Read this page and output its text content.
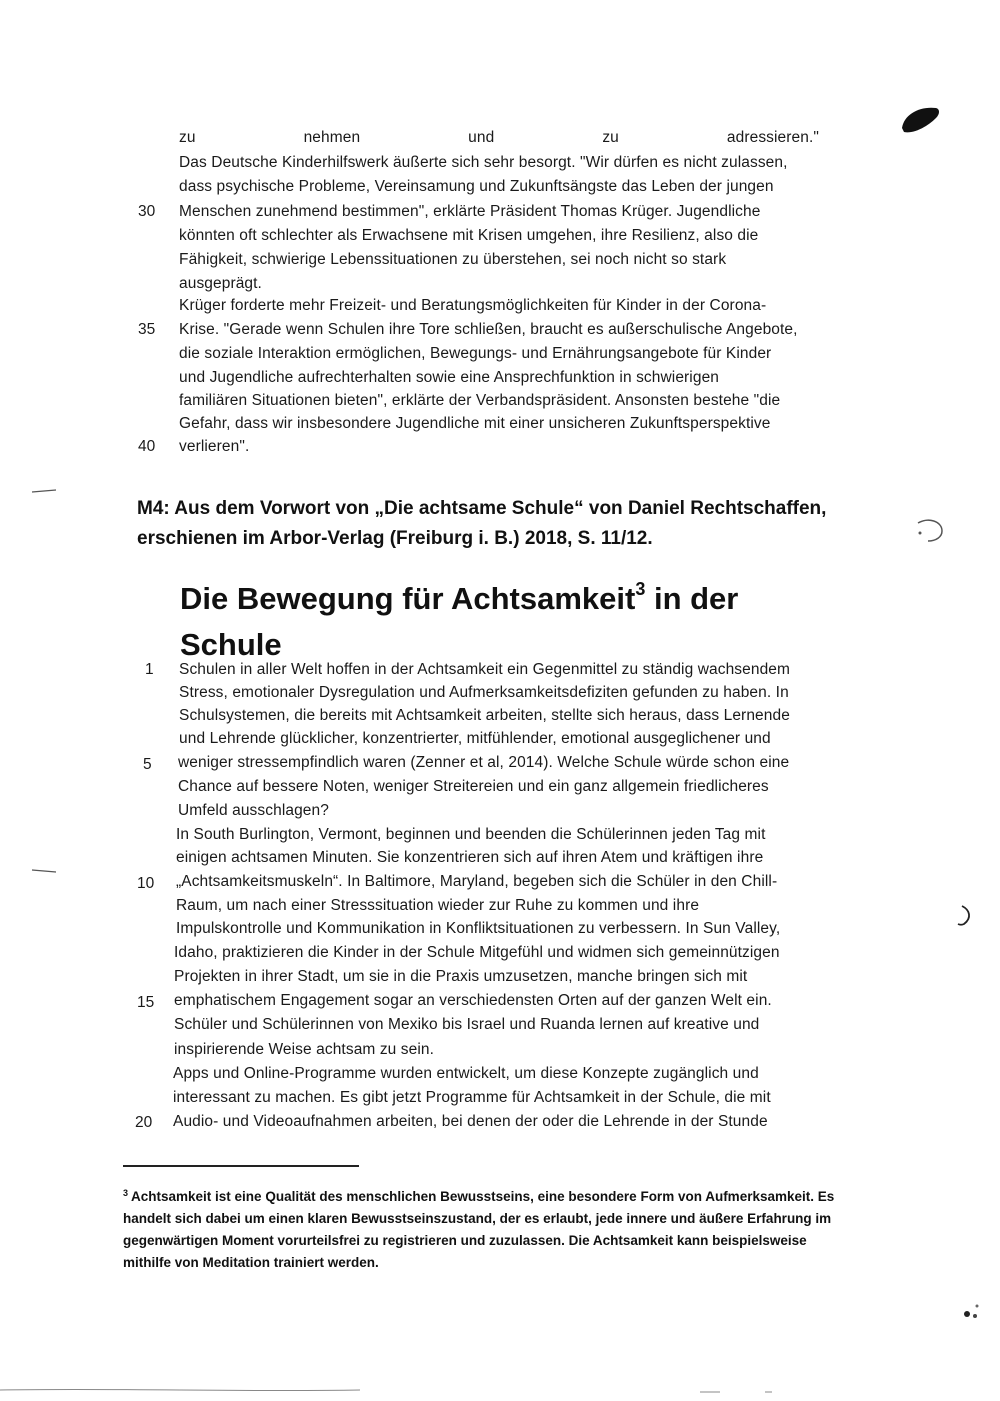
zu	nehmen	und	zu	adressieren."
Das Deutsche Kinderhilfswerk äußerte sich sehr besorgt. "Wir dürfen es nicht zulassen,
dass psychische Probleme, Vereinsamung und Zukunftsängste das Leben der jungen
30	Menschen zunehmend bestimmen", erklärte Präsident Thomas Krüger. Jugendliche
könnten oft schlechter als Erwachsene mit Krisen umgehen, ihre Resilienz, also die
Fähigkeit, schwierige Lebenssituationen zu überstehen, sei noch nicht so stark
ausgeprägt.
Krüger forderte mehr Freizeit- und Beratungsmöglichkeiten für Kinder in der Corona-
35	Krise. "Gerade wenn Schulen ihre Tore schließen, braucht es außerschulische Angebote,
die soziale Interaktion ermöglichen, Bewegungs- und Ernährungsangebote für Kinder
und Jugendliche aufrechterhalten sowie eine Ansprechfunktion in schwierigen
familiären Situationen bieten", erklärte der Verbandspräsident. Ansonsten bestehe "die
Gefahr, dass wir insbesondere Jugendliche mit einer unsicheren Zukunftsperspektive
40	verlieren".
M4: Aus dem Vorwort von „Die achtsame Schule“ von Daniel Rechtschaffen,
erschienen im Arbor-Verlag (Freiburg i. B.) 2018, S. 11/12.
Die Bewegung für Achtsamkeit$^3$ in der
Schule
1	Schulen in aller Welt hoffen in der Achtsamkeit ein Gegenmittel zu ständig wachsendem
Stress, emotionaler Dysregulation und Aufmerksamkeitsdefiziten gefunden zu haben. In
Schulsystemen, die bereits mit Achtsamkeit arbeiten, stellte sich heraus, dass Lernende
und Lehrende glücklicher, konzentrierter, mitfühlender, emotional ausgeglichener und
5	weniger stressempfindlich waren (Zenner et al, 2014). Welche Schule würde schon eine
Chance auf bessere Noten, weniger Streitereien und ein ganz allgemein friedlicheres
Umfeld ausschlagen?
In South Burlington, Vermont, beginnen und beenden die Schülerinnen jeden Tag mit
einigen achtsamen Minuten. Sie konzentrieren sich auf ihren Atem und kräftigen ihre
10	„Achtsamkeitsmuskeln“. In Baltimore, Maryland, begeben sich die Schüler in den Chill-
Raum, um nach einer Stresssituation wieder zur Ruhe zu kommen und ihre
Impulskontrolle und Kommunikation in Konfliktsituationen zu verbessern. In Sun Valley,
Idaho, praktizieren die Kinder in der Schule Mitgefühl und widmen sich gemeinnützigen
Projekten in ihrer Stadt, um sie in die Praxis umzusetzen, manche bringen sich mit
15	emphatischem Engagement sogar an verschiedensten Orten auf der ganzen Welt ein.
Schüler und Schülerinnen von Mexiko bis Israel und Ruanda lernen auf kreative und
inspirierende Weise achtsam zu sein.
Apps und Online-Programme wurden entwickelt, um diese Konzepte zugänglich und
interessant zu machen. Es gibt jetzt Programme für Achtsamkeit in der Schule, die mit
20	Audio- und Videoaufnahmen arbeiten, bei denen der oder die Lehrende in der Stunde
$^3$ Achtsamkeit ist eine Qualität des menschlichen Bewusstseins, eine besondere Form von Aufmerksamkeit. Es handelt sich dabei um einen klaren Bewusstseinszustand, der es erlaubt, jede innere und äußere Erfahrung im gegenwärtigen Moment vorurteilsfrei zu registrieren und zuzulassen. Die Achtsamkeit kann beispielsweise mithilfe von Meditation trainiert werden.
